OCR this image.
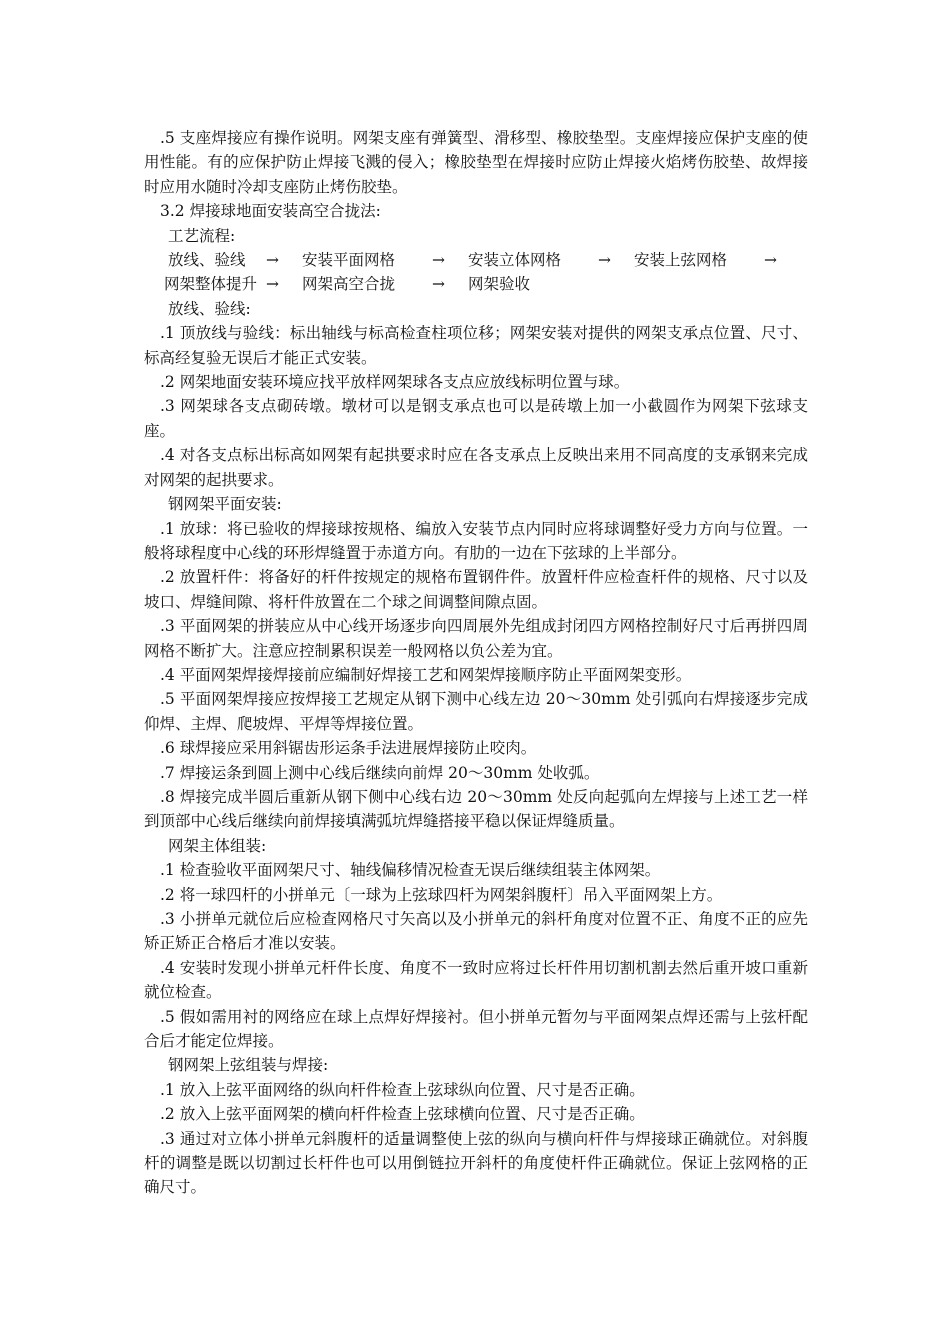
.5 支座焊接应有操作说明。网架支座有弹簧型、滑移型、橡胶垫型。支座焊接应保护支座的使用性能。有的应保护防止焊接飞溅的侵入；橡胶垫型在焊接时应防止焊接火焰烤伤胶垫、故焊接时应用水随时冷却支座防止烤伤胶垫。

3.2 焊接球地面安装高空合拢法:

工艺流程:

放线、验线	→	安装平面网格	→	安装立体网格	→	安装上弦网格	→
网架整体提升 →	网架高空合拢	→	网架验收

放线、验线:

.1 顶放线与验线：标出轴线与标高检查柱项位移；网架安装对提供的网架支承点位置、尺寸、标高经复验无误后才能正式安装。

.2 网架地面安装环境应找平放样网架球各支点应放线标明位置与球。

.3 网架球各支点砌砖墩。墩材可以是钢支承点也可以是砖墩上加一小截圆作为网架下弦球支座。

.4 对各支点标出标高如网架有起拱要求时应在各支承点上反映出来用不同高度的支承钢来完成对网架的起拱要求。

钢网架平面安装:

.1 放球：将已验收的焊接球按规格、编放入安装节点内同时应将球调整好受力方向与位置。一般将球程度中心线的环形焊缝置于赤道方向。有肋的一边在下弦球的上半部分。

.2 放置杆件：将备好的杆件按规定的规格布置钢件件。放置杆件应检查杆件的规格、尺寸以及坡口、焊缝间隙、将杆件放置在二个球之间调整间隙点固。

.3 平面网架的拼装应从中心线开场逐步向四周展外先组成封闭四方网格控制好尺寸后再拼四周网格不断扩大。注意应控制累积误差一般网格以负公差为宜。

.4 平面网架焊接焊接前应编制好焊接工艺和网架焊接顺序防止平面网架变形。

.5 平面网架焊接应按焊接工艺规定从钢下测中心线左边 20～30mm 处引弧向右焊接逐步完成仰焊、主焊、爬坡焊、平焊等焊接位置。

.6 球焊接应采用斜锯齿形运条手法进展焊接防止咬肉。

.7 焊接运条到圆上测中心线后继续向前焊 20～30mm 处收弧。

.8 焊接完成半圆后重新从钢下侧中心线右边 20～30mm 处反向起弧向左焊接与上述工艺一样到顶部中心线后继续向前焊接填满弧坑焊缝搭接平稳以保证焊缝质量。

网架主体组装:

.1 检查验收平面网架尺寸、轴线偏移情况检查无误后继续组装主体网架。

.2 将一球四杆的小拼单元〔一球为上弦球四杆为网架斜腹杆〕吊入平面网架上方。

.3 小拼单元就位后应检查网格尺寸矢高以及小拼单元的斜杆角度对位置不正、角度不正的应先矫正矫正合格后才准以安装。

.4 安装时发现小拼单元杆件长度、角度不一致时应将过长杆件用切割机割去然后重开坡口重新就位检查。

.5 假如需用衬的网络应在球上点焊好焊接衬。但小拼单元暂勿与平面网架点焊还需与上弦杆配合后才能定位焊接。

钢网架上弦组装与焊接:

.1 放入上弦平面网络的纵向杆件检查上弦球纵向位置、尺寸是否正确。

.2 放入上弦平面网架的横向杆件检查上弦球横向位置、尺寸是否正确。

.3 通过对立体小拼单元斜腹杆的适量调整使上弦的纵向与横向杆件与焊接球正确就位。对斜腹杆的调整是既以切割过长杆件也可以用倒链拉开斜杆的角度使杆件正确就位。保证上弦网格的正确尺寸。
